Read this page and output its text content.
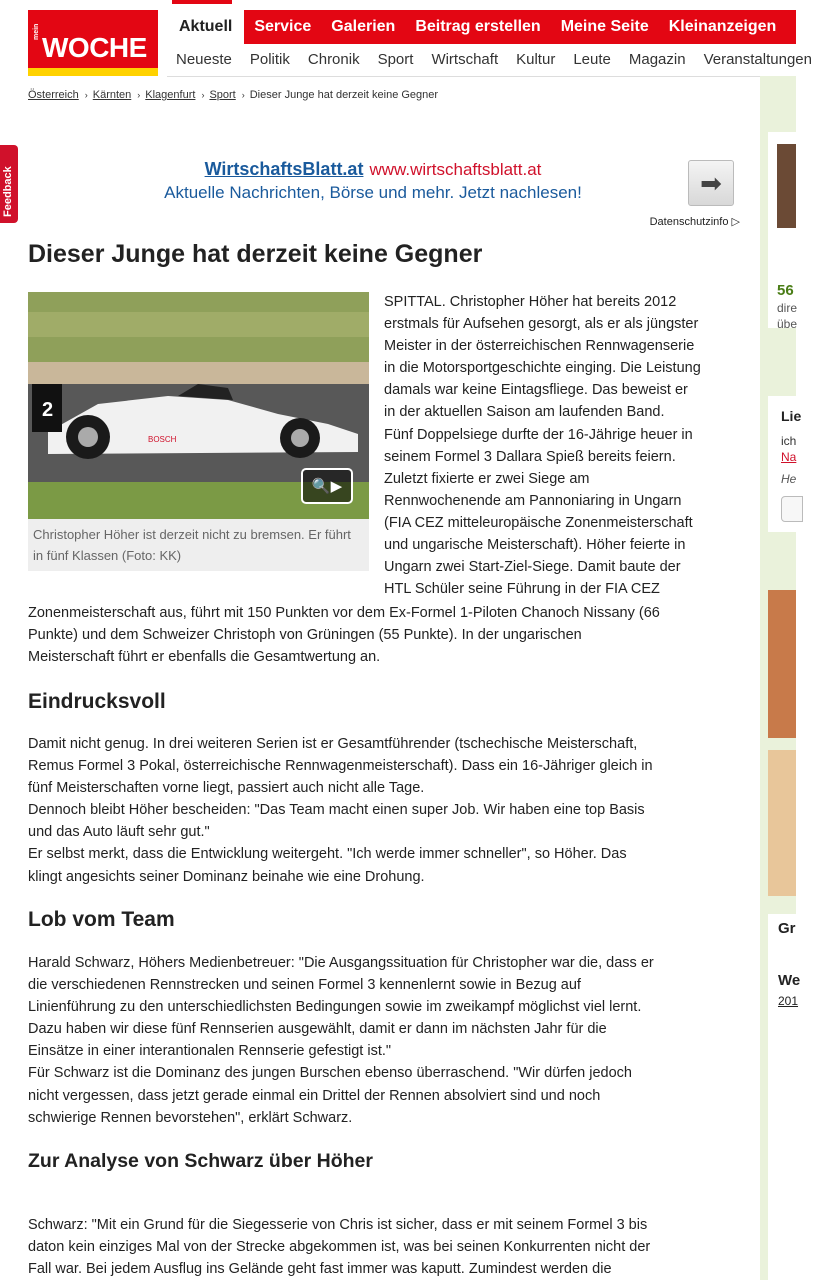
mein
WOCHE
Aktuell	Service	Galerien	Beitrag erstellen	Meine Seite	Kleinanzeigen
Neueste	Politik	Chronik	Sport	Wirtschaft	Kultur	Leute	Magazin	Veranstaltungen
Österreich › Kärnten › Klagenfurt › Sport › Dieser Junge hat derzeit keine Gegner
Feedback	WirtschaftsBlatt.at www.wirtschaftsblatt.at
Aktuelle Nachrichten, Börse und mehr. Jetzt nachlesen!	➡
Datenschutzinfo ▷
Dieser Junge hat derzeit keine Gegner
2
BOSCH
🔍▶
Christopher Höher ist derzeit nicht zu bremsen. Er führt in fünf Klassen (Foto: KK)
SPITTAL. Christopher Höher hat bereits 2012
erstmals für Aufsehen gesorgt, als er als jüngster
Meister in der österreichischen Rennwagenserie
in die Motorsportgeschichte einging. Die Leistung
damals war keine Eintagsfliege. Das beweist er
in der aktuellen Saison am laufenden Band.
Fünf Doppelsiege durfte der 16-Jährige heuer in
seinem Formel 3 Dallara Spieß bereits feiern.
Zuletzt fixierte er zwei Siege am
Rennwochenende am Pannoniaring in Ungarn
(FIA CEZ mitteleuropäische Zonenmeisterschaft
und ungarische Meisterschaft). Höher feierte in
Ungarn zwei Start-Ziel-Siege. Damit baute der
HTL Schüler seine Führung in der FIA CEZ
Zonenmeisterschaft aus, führt mit 150 Punkten vor dem Ex-Formel 1-Piloten Chanoch Nissany (66
Punkte) und dem Schweizer Christoph von Grüningen (55 Punkte). In der ungarischen
Meisterschaft führt er ebenfalls die Gesamtwertung an.
Eindrucksvoll
Damit nicht genug. In drei weiteren Serien ist er Gesamtführender (tschechische Meisterschaft,
Remus Formel 3 Pokal, österreichische Rennwagenmeisterschaft). Dass ein 16-Jähriger gleich in
fünf Meisterschaften vorne liegt, passiert auch nicht alle Tage.
Dennoch bleibt Höher bescheiden: "Das Team macht einen super Job. Wir haben eine top Basis
und das Auto läuft sehr gut."
Er selbst merkt, dass die Entwicklung weitergeht. "Ich werde immer schneller", so Höher. Das
klingt angesichts seiner Dominanz beinahe wie eine Drohung.
Lob vom Team
Harald Schwarz, Höhers Medienbetreuer: "Die Ausgangssituation für Christopher war die, dass er
die verschiedenen Rennstrecken und seinen Formel 3 kennenlernt sowie in Bezug auf
Linienführung zu den unterschiedlichsten Bedingungen sowie im zweikampf möglichst viel lernt.
Dazu haben wir diese fünf Rennserien ausgewählt, damit er dann im nächsten Jahr für die
Einsätze in einer interantionalen Rennserie gefestigt ist."
Für Schwarz ist die Dominanz des jungen Burschen ebenso überraschend. "Wir dürfen jedoch
nicht vergessen, dass jetzt gerade einmal ein Drittel der Rennen absolviert sind und noch
schwierige Rennen bevorstehen", erklärt Schwarz.
Zur Analyse von Schwarz über Höher
Schwarz: "Mit ein Grund für die Siegesserie von Chris ist sicher, dass er mit seinem Formel 3 bis
daton kein einziges Mal von der Strecke abgekommen ist, was bei seinen Konkurrenten nicht der
Fall war. Bei jedem Ausflug ins Gelände geht fast immer was kaputt. Zumindest werden die
56
dire
übe
Lie
ich
Na
He
Gr
We
201
